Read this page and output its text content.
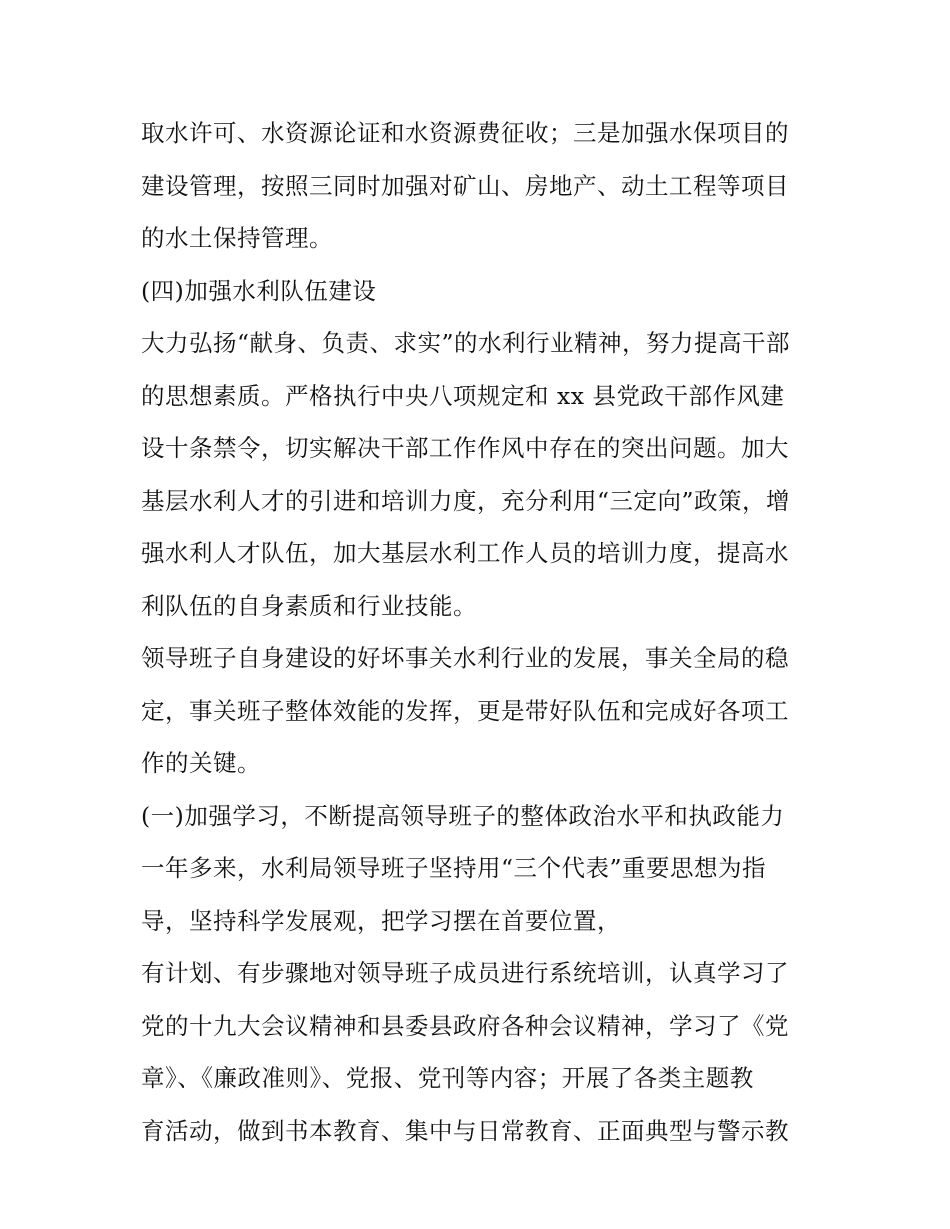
取水许可、水资源论证和水资源费征收；三是加强水保项目的
建设管理，按照三同时加强对矿山、房地产、动土工程等项目
的水土保持管理。
(四)加强水利队伍建设
大力弘扬“献身、负责、求实”的水利行业精神，努力提高干部
的思想素质。严格执行中央八项规定和 xx 县党政干部作风建
设十条禁令，切实解决干部工作作风中存在的突出问题。加大
基层水利人才的引进和培训力度，充分利用“三定向”政策，增
强水利人才队伍，加大基层水利工作人员的培训力度，提高水
利队伍的自身素质和行业技能。
领导班子自身建设的好坏事关水利行业的发展，事关全局的稳
定，事关班子整体效能的发挥，更是带好队伍和完成好各项工
作的关键。
(一)加强学习，不断提高领导班子的整体政治水平和执政能力
一年多来，水利局领导班子坚持用“三个代表”重要思想为指
导，坚持科学发展观，把学习摆在首要位置，
有计划、有步骤地对领导班子成员进行系统培训，认真学习了
党的十九大会议精神和县委县政府各种会议精神，学习了《党
章》、《廉政准则》、党报、党刊等内容；开展了各类主题教
育活动，做到书本教育、集中与日常教育、正面典型与警示教
